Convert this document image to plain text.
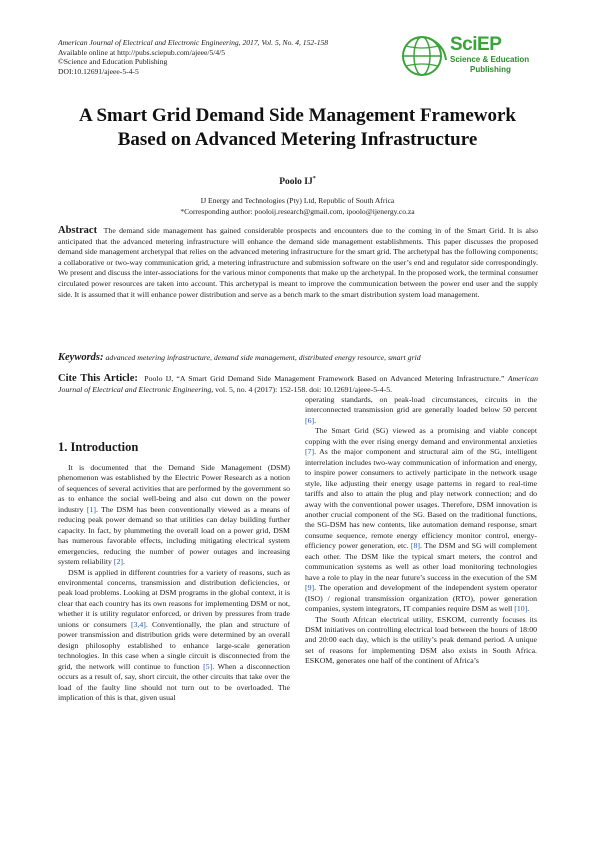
American Journal of Electrical and Electronic Engineering, 2017, Vol. 5, No. 4, 152-158
Available online at http://pubs.sciepub.com/ajeee/5/4/5
©Science and Education Publishing
DOI:10.12691/ajeee-5-4-5
SciEP
Science & Education
Publishing
A Smart Grid Demand Side Management Framework
Based on Advanced Metering Infrastructure
Poolo IJ*
IJ Energy and Technologies (Pty) Ltd, Republic of South Africa
*Corresponding author: pooloij.research@gmail.com, ipoolo@ijenergy.co.za
Abstract The demand side management has gained considerable prospects and encounters due to the coming in of the Smart Grid. It is also anticipated that the advanced metering infrastructure will enhance the demand side management establishments. This paper discusses the proposed demand side management archetypal that relies on the advanced metering infrastructure for the smart grid. The archetypal has the following components; a collaborative or two-way communication grid, a metering infrastructure and submission software on the user’s end and regulator side correspondingly. We present and discuss the inter-associations for the various minor components that make up the archetypal. In the proposed work, the terminal consumer circulated power resources are taken into account. This archetypal is meant to improve the communication between the power end user and the supply side. It is assumed that it will enhance power distribution and serve as a bench mark to the smart distribution system load management.
Keywords: advanced metering infrastructure, demand side management, distributed energy resource, smart grid
Cite This Article: Poolo IJ, “A Smart Grid Demand Side Management Framework Based on Advanced Metering Infrastructure.” American Journal of Electrical and Electronic Engineering, vol. 5, no. 4 (2017): 152-158. doi: 10.12691/ajeee-5-4-5.
1. Introduction

It is documented that the Demand Side Management (DSM) phenomenon was established by the Electric Power Research as a notion of sequences of several activities that are performed by the government so as to enhance the social well-being and also cut down on the power industry [1]. The DSM has been conventionally viewed as a means of reducing peak power demand so that utilities can delay building further capacity. In fact, by plummeting the overall load on a power grid, DSM has numerous favorable effects, including mitigating electrical system emergencies, reducing the number of power outages and increasing system reliability [2].

DSM is applied in different countries for a variety of reasons, such as environmental concerns, transmission and distribution deficiencies, or peak load problems. Looking at DSM programs in the global context, it is clear that each country has its own reasons for implementing DSM or not, whether it is utility regulator enforced, or driven by pressures from trade unions or consumers [3,4]. Conventionally, the plan and structure of power transmission and distribution grids were determined by an overall design philosophy established to enhance large-scale generation technologies. In this case when a single circuit is disconnected from the grid, the network will continue to function [5]. When a disconnection occurs as a result of, say, short circuit, the other circuits that take over the load of the faulty line should not turn out to be overloaded. The implication of this is that, given usual

operating standards, on peak-load circumstances, circuits in the interconnected transmission grid are generally loaded below 50 percent [6].

The Smart Grid (SG) viewed as a promising and viable concept copping with the ever rising energy demand and environmental anxieties [7]. As the major component and structural aim of the SG, intelligent interrelation includes two-way communication of information and energy, to inspire power consumers to actively participate in the network usage style, like adjusting their energy usage patterns in regard to real-time tariffs and also to attain the plug and play network connection; and do away with the conventional power usages. Therefore, DSM innovation is another crucial component of the SG. Based on the traditional functions, the SG-DSM has new contents, like automation demand response, smart consume sequence, remote energy efficiency monitor control, energy-efficiency power generation, etc. [8]. The DSM and SG will complement each other. The DSM like the typical smart meters, the control and communication systems as well as other load monitoring technologies have a role to play in the near future’s success in the execution of the SM [9]. The operation and development of the independent system operator (ISO) / regional transmission organization (RTO), power generation companies, system integrators, IT companies require DSM as well [10].

The South African electrical utility, ESKOM, currently focuses its DSM initiatives on controlling electrical load between the hours of 18:00 and 20:00 each day, which is the utility’s peak demand period. A unique set of reasons for implementing DSM also exists in South Africa. ESKOM, generates one half of the continent of Africa’s
